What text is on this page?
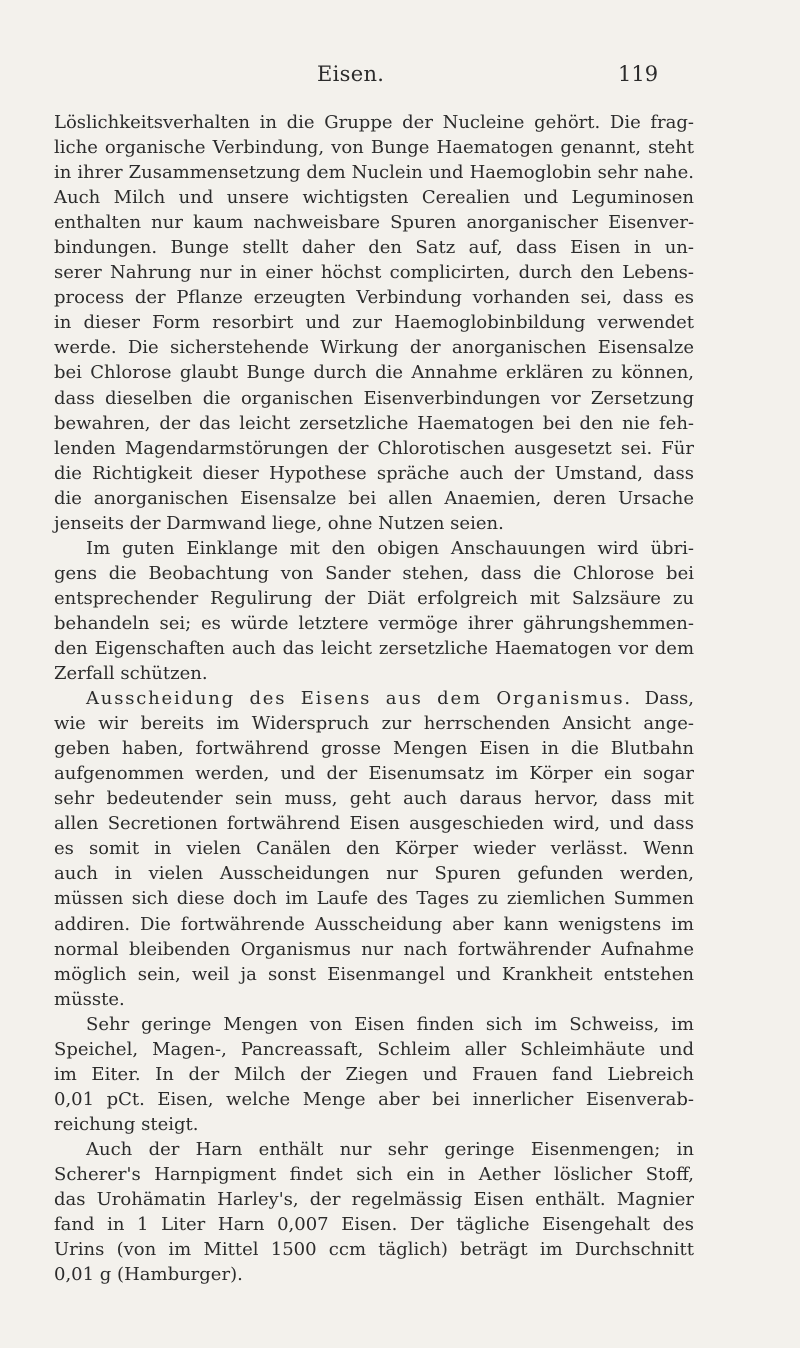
Eisen.	119
Löslichkeitsverhalten in die Gruppe der Nucleine gehört. Die frag-
liche organische Verbindung, von Bunge Haematogen genannt, steht
in ihrer Zusammensetzung dem Nuclein und Haemoglobin sehr nahe.
Auch Milch und unsere wichtigsten Cerealien und Leguminosen
enthalten nur kaum nachweisbare Spuren anorganischer Eisenver-
bindungen. Bunge stellt daher den Satz auf, dass Eisen in un-
serer Nahrung nur in einer höchst complicirten, durch den Lebens-
process der Pflanze erzeugten Verbindung vorhanden sei, dass es
in dieser Form resorbirt und zur Haemoglobinbildung verwendet
werde. Die sicherstehende Wirkung der anorganischen Eisensalze
bei Chlorose glaubt Bunge durch die Annahme erklären zu können,
dass dieselben die organischen Eisenverbindungen vor Zersetzung
bewahren, der das leicht zersetzliche Haematogen bei den nie feh-
lenden Magendarmstörungen der Chlorotischen ausgesetzt sei. Für
die Richtigkeit dieser Hypothese spräche auch der Umstand, dass
die anorganischen Eisensalze bei allen Anaemien, deren Ursache
jenseits der Darmwand liege, ohne Nutzen seien.
Im guten Einklange mit den obigen Anschauungen wird übri-
gens die Beobachtung von Sander stehen, dass die Chlorose bei
entsprechender Regulirung der Diät erfolgreich mit Salzsäure zu
behandeln sei; es würde letztere vermöge ihrer gährungshemmen-
den Eigenschaften auch das leicht zersetzliche Haematogen vor dem
Zerfall schützen.
Ausscheidung des Eisens aus dem Organismus. Dass,
wie wir bereits im Widerspruch zur herrschenden Ansicht ange-
geben haben, fortwährend grosse Mengen Eisen in die Blutbahn
aufgenommen werden, und der Eisenumsatz im Körper ein sogar
sehr bedeutender sein muss, geht auch daraus hervor, dass mit
allen Secretionen fortwährend Eisen ausgeschieden wird, und dass
es somit in vielen Canälen den Körper wieder verlässt. Wenn
auch in vielen Ausscheidungen nur Spuren gefunden werden,
müssen sich diese doch im Laufe des Tages zu ziemlichen Summen
addiren. Die fortwährende Ausscheidung aber kann wenigstens im
normal bleibenden Organismus nur nach fortwährender Aufnahme
möglich sein, weil ja sonst Eisenmangel und Krankheit entstehen
müsste.
Sehr geringe Mengen von Eisen finden sich im Schweiss, im
Speichel, Magen-, Pancreassaft, Schleim aller Schleimhäute und
im Eiter. In der Milch der Ziegen und Frauen fand Liebreich
0,01 pCt. Eisen, welche Menge aber bei innerlicher Eisenverab-
reichung steigt.
Auch der Harn enthält nur sehr geringe Eisenmengen; in
Scherer's Harnpigment findet sich ein in Aether löslicher Stoff,
das Urohämatin Harley's, der regelmässig Eisen enthält. Magnier
fand in 1 Liter Harn 0,007 Eisen. Der tägliche Eisengehalt des
Urins (von im Mittel 1500 ccm täglich) beträgt im Durchschnitt
0,01 g (Hamburger).
